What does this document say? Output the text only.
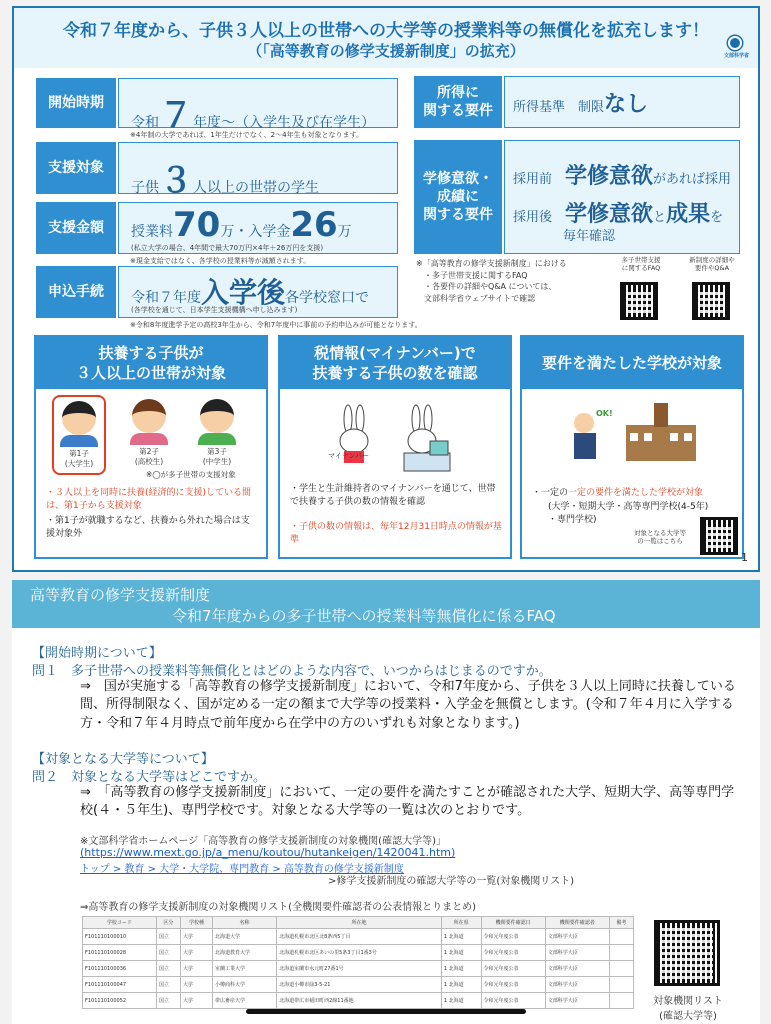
令和７年度から、子供３人以上の世帯への大学等の授業料等の無償化を拡充します！
（「高等教育の修学支援新制度」の拡充）	文部科学省
開始時期
令和７年度～（入学生及び在学生）
※4年制の大学であれば、1年生だけでなく、2～4年生も対象となります。
支援対象
子供３人以上の世帯の学生
支援金額	授業料70万・入学金26万
(私立大学の場合、4年間で最大70万円×4年＋26万円を支援)
※現金支給ではなく、各学校の授業料等が減額されます。
申込手続	令和７年度入学後各学校窓口で
(各学校を通じて、日本学生支援機構へ申し込みます)
※令和8年度進学予定の高校3年生から、令和7年度中に事前の予約申込みが可能となります。
所得に
関する要件	所得基準　制限なし
学修意欲・
成績に
関する要件
採用前　 学修意欲があれば採用
採用後　 学修意欲と成果を
毎年確認
※「高等教育の修学支援新制度」における
・多子世帯支援に関するFAQ
・各要件の詳細やQ&A については、
文部科学省ウェブサイトで確認
多子世帯支援
に関するFAQ
新制度の詳細や
要件やQ&A
扶養する子供が
３人以上の世帯が対象
第1子
(大学生)
第2子
(高校生)
第3子
(中学生)
※◯が多子世帯の支援対象
・３人以上を同時に扶養(経済的に支援)している間は、第1子から支援対象
・第1子が就職するなど、扶養から外れた場合は支援対象外
税情報(マイナンバー)で
扶養する子供の数を確認
マイナンバー
・学生と生計維持者のマイナンバーを通じて、世帯で扶養する子供の数の情報を確認
・子供の数の情報は、毎年12月31日時点の情報が基準
要件を満たした学校が対象
OK!
・一定の一定の要件を満たした学校が対象
(大学・短期大学・高等専門学校(4-5年)
・専門学校)
対象となる大学等
の一覧はこちら
1
高等教育の修学支援新制度
令和7年度からの多子世帯への授業料等無償化に係るFAQ
【開始時期について】
問１　多子世帯への授業料等無償化とはどのような内容で、いつからはじまるのですか。
⇒　国が実施する「高等教育の修学支援新制度」において、令和7年度から、子供を３人以上同時に扶養している間、所得制限なく、国が定める一定の額まで大学等の授業料・入学金を無償とします。(令和７年４月に入学する方・令和７年４月時点で前年度から在学中の方のいずれも対象となります。)
【対象となる大学等について】
問２　対象となる大学等はどこですか。
⇒　「高等教育の修学支援新制度」において、一定の要件を満たすことが確認された大学、短期大学、高等専門学校(４・５年生)、専門学校です。対象となる大学等の一覧は次のとおりです。
※文部科学省ホームページ「高等教育の修学支援新制度の対象機関(確認大学等)」
(https://www.mext.go.jp/a_menu/koutou/hutankeigen/1420041.htm)
トップ > 教育 > 大学・大学院、専門教育 > 高等教育の修学支援新制度
>修学支援新制度の確認大学等の一覧(対象機関リスト)
⇒高等教育の修学支援新制度の対象機関リスト(全機関要件確認者の公表情報とりまとめ)
学校コード	区分	学校種	名称	所在地	所在県	機関要件確認日	機関要件確認者	備考
F101110100010	国立	大学	北海道大学	北海道札幌市北区北8条西5丁目	1 北海道	令和元年度公表	文部科学大臣	
F101110100028	国立	大学	北海道教育大学	北海道札幌市北区あいの里5条3丁目1番3号	1 北海道	令和元年度公表	文部科学大臣	
F101110100036	国立	大学	室蘭工業大学	北海道室蘭市水元町27番1号	1 北海道	令和元年度公表	文部科学大臣	
F101110100047	国立	大学	小樽商科大学	北海道小樽市緑3-5-21	1 北海道	令和元年度公表	文部科学大臣	
F101110100052	国立	大学	帯広畜産大学	北海道帯広市稲田町西2線11番地	1 北海道	令和元年度公表	文部科学大臣		対象機関リスト
(確認大学等)
